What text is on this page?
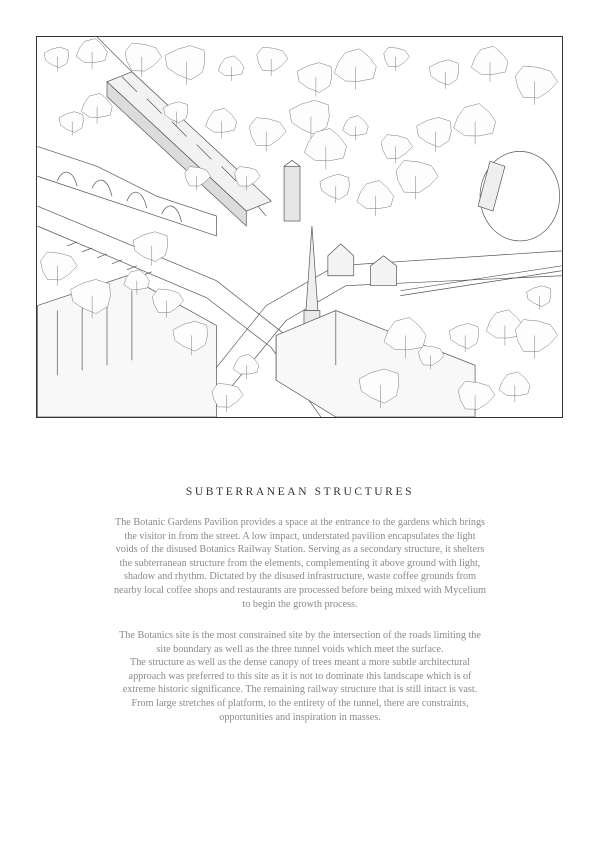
SUBTERRANEAN STRUCTURES

The Botanic Gardens Pavilion provides a space at the entrance to the gardens which brings
the visitor in from the street. A low impact, understated pavilion encapsulates the light
voids of the disused Botanics Railway Station. Serving as a secondary structure, it shelters
the subterranean structure from the elements, complementing it above ground with light,
shadow and rhythm. Dictated by the disused infrastructure, waste coffee grounds from
nearby local coffee shops and restaurants are processed before being mixed with Mycelium
to begin the growth process.

The Botanics site is the most constrained site by the intersection of the roads limiting the
site boundary as well as the three tunnel voids which meet the surface.
The structure as well as the dense canopy of trees meant a more subtle architectural
approach was preferred to this site as it is not to dominate this landscape which is of
extreme historic significance. The remaining railway structure that is still intact is vast.
From large stretches of platform, to the entirety of the tunnel, there are constraints,
opportunities and inspiration in masses.
